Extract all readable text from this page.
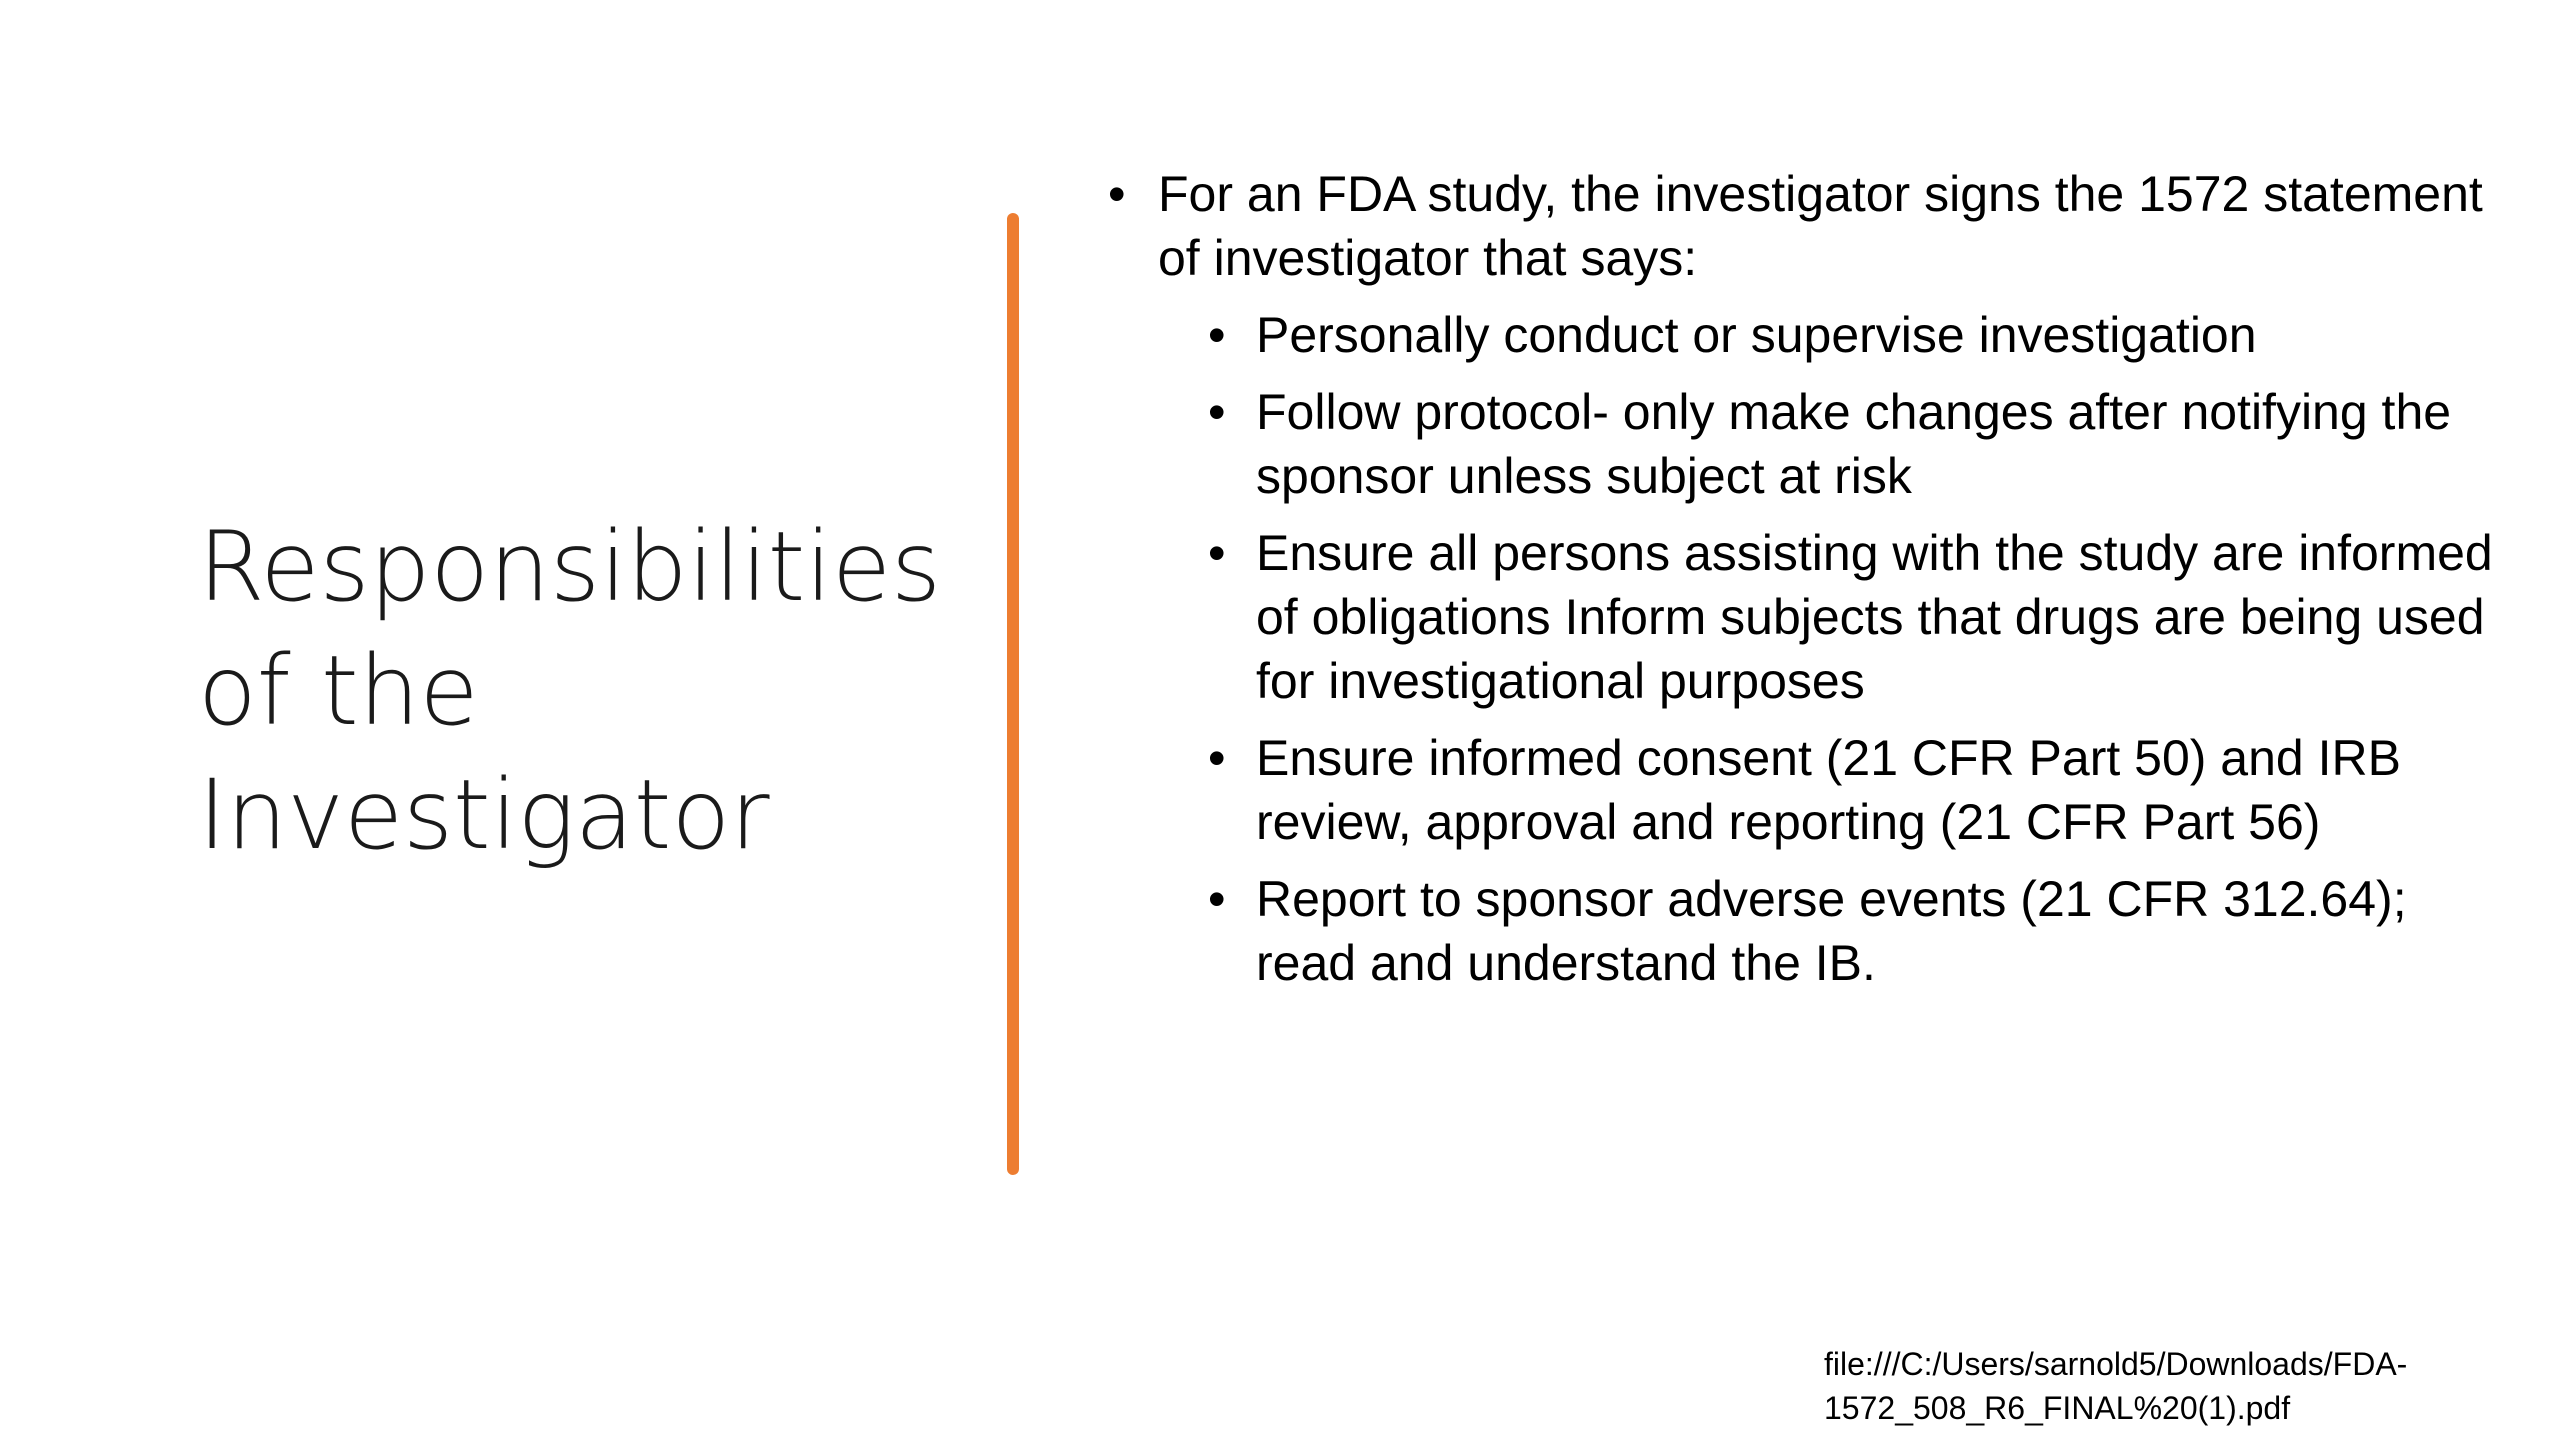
Responsibilities
of the
Investigator
• For an FDA study, the investigator signs the 1572 statement of investigator that says:
• Personally conduct or supervise investigation
• Follow protocol- only make changes after notifying the sponsor unless subject at risk
• Ensure all persons assisting with the study are informed of obligations Inform subjects that drugs are being used for investigational purposes
• Ensure informed consent (21 CFR Part 50) and IRB review, approval and reporting (21 CFR Part 56)
• Report to sponsor adverse events (21 CFR 312.64); read and understand the IB.
file:///C:/Users/sarnold5/Downloads/FDA-
1572_508_R6_FINAL%20(1).pdf
